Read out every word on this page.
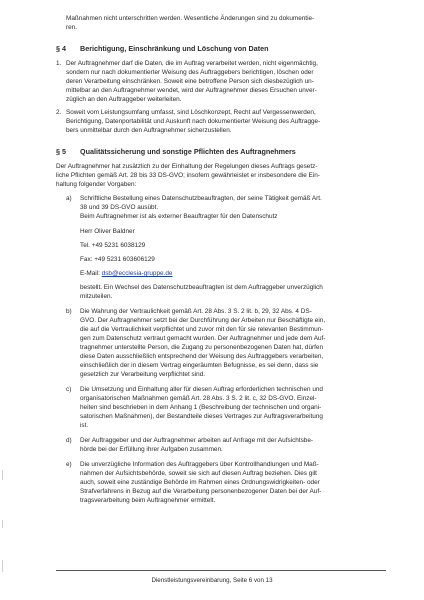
Maßnahmen nicht unterschritten werden. Wesentliche Änderungen sind zu dokumentie-
ren.
§ 4 Berichtigung, Einschränkung und Löschung von Daten
1. Der Auftragnehmer darf die Daten, die im Auftrag verarbeitet werden, nicht eigenmächtig,
sondern nur nach dokumentierter Weisung des Auftraggebers berichtigen, löschen oder
deren Verarbeitung einschränken. Soweit eine betroffene Person sich diesbezüglich un-
mittelbar an den Auftragnehmer wendet, wird der Auftragnehmer dieses Ersuchen unver-
züglich an den Auftraggeber weiterleiten.
2. Soweit vom Leistungsumfang umfasst, sind Löschkonzept, Recht auf Vergessenwerden,
Berichtigung, Datenportabilität und Auskunft nach dokumentierter Weisung des Auftragge-
bers unmittelbar durch den Auftragnehmer sicherzustellen.
§ 5 Qualitätssicherung und sonstige Pflichten des Auftragnehmers
Der Auftragnehmer hat zusätzlich zu der Einhaltung der Regelungen dieses Auftrags gesetz-
liche Pflichten gemäß Art. 28 bis 33 DS-GVO; insofern gewährleistet er insbesondere die Ein-
haltung folgender Vorgaben:
a) Schriftliche Bestellung eines Datenschutzbeauftragten, der seine Tätigkeit gemäß Art.
38 und 39 DS-GVO ausübt.
Beim Auftragnehmer ist als externer Beauftragter für den Datenschutz
Herr Oliver Baldner
Tel. +49 5231 6038129
Fax: +49 5231 603606129
E-Mail: dsb@ecclesia-gruppe.de
bestellt. Ein Wechsel des Datenschutzbeauftragten ist dem Auftraggeber unverzüglich
mitzuteilen.
b) Die Wahrung der Vertraulichkeit gemäß Art. 28 Abs. 3 S. 2 lit. b, 29, 32 Abs. 4 DS-
GVO. Der Auftragnehmer setzt bei der Durchführung der Arbeiten nur Beschäftigte ein,
die auf die Vertraulichkeit verpflichtet und zuvor mit den für sie relevanten Bestimmun-
gen zum Datenschutz vertraut gemacht wurden. Der Auftragnehmer und jede dem Auf-
tragnehmer unterstellte Person, die Zugang zu personenbezogenen Daten hat, dürfen
diese Daten ausschließlich entsprechend der Weisung des Auftraggebers verarbeiten,
einschließlich der in diesem Vertrag eingeräumten Befugnisse, es sei denn, dass sie
gesetzlich zur Verarbeitung verpflichtet sind.
c) Die Umsetzung und Einhaltung aller für diesen Auftrag erforderlichen technischen und
organisatorischen Maßnahmen gemäß Art. 28 Abs. 3 S. 2 lit. c, 32 DS-GVO. Einzel-
heiten sind beschrieben in dem Anhang 1 (Beschreibung der technischen und organi-
satorischen Maßnahmen), der Bestandteile dieses Vertrages zur Auftragsverarbeitung
ist.
d) Der Auftraggeber und der Auftragnehmer arbeiten auf Anfrage mit der Aufsichtsbe-
hörde bei der Erfüllung ihrer Aufgaben zusammen.
e) Die unverzügliche Information des Auftraggebers über Kontrollhandlungen und Maß-
nahmen der Aufsichtsbehörde, soweit sie sich auf diesen Auftrag beziehen. Dies gilt
auch, soweit eine zuständige Behörde im Rahmen eines Ordnungswidrigkeiten- oder
Strafverfahrens in Bezug auf die Verarbeitung personenbezogener Daten bei der Auf-
tragsverarbeitung beim Auftragnehmer ermittelt.
Dienstleistungsvereinbarung, Seite 6 von 13
